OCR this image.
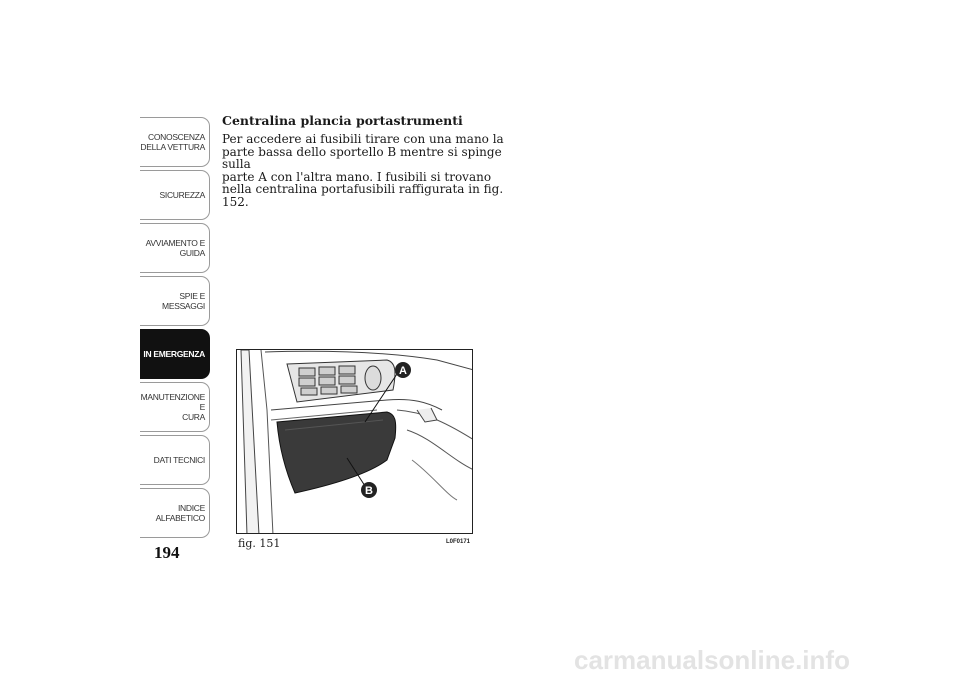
CONOSCENZA
DELLA VETTURA
SICUREZZA
AVVIAMENTO E
GUIDA
SPIE E MESSAGGI
IN EMERGENZA
MANUTENZIONE E
CURA
DATI TECNICI
INDICE
ALFABETICO
194
Centralina plancia portastrumenti

Per accedere ai fusibili tirare con una mano la
parte bassa dello sportello B mentre si spinge sulla
parte A con l'altra mano. I fusibili si trovano
nella centralina portafusibili raffigurata in fig. 152.

A
B
fig. 151	L0F0171
carmanualsonline.info
